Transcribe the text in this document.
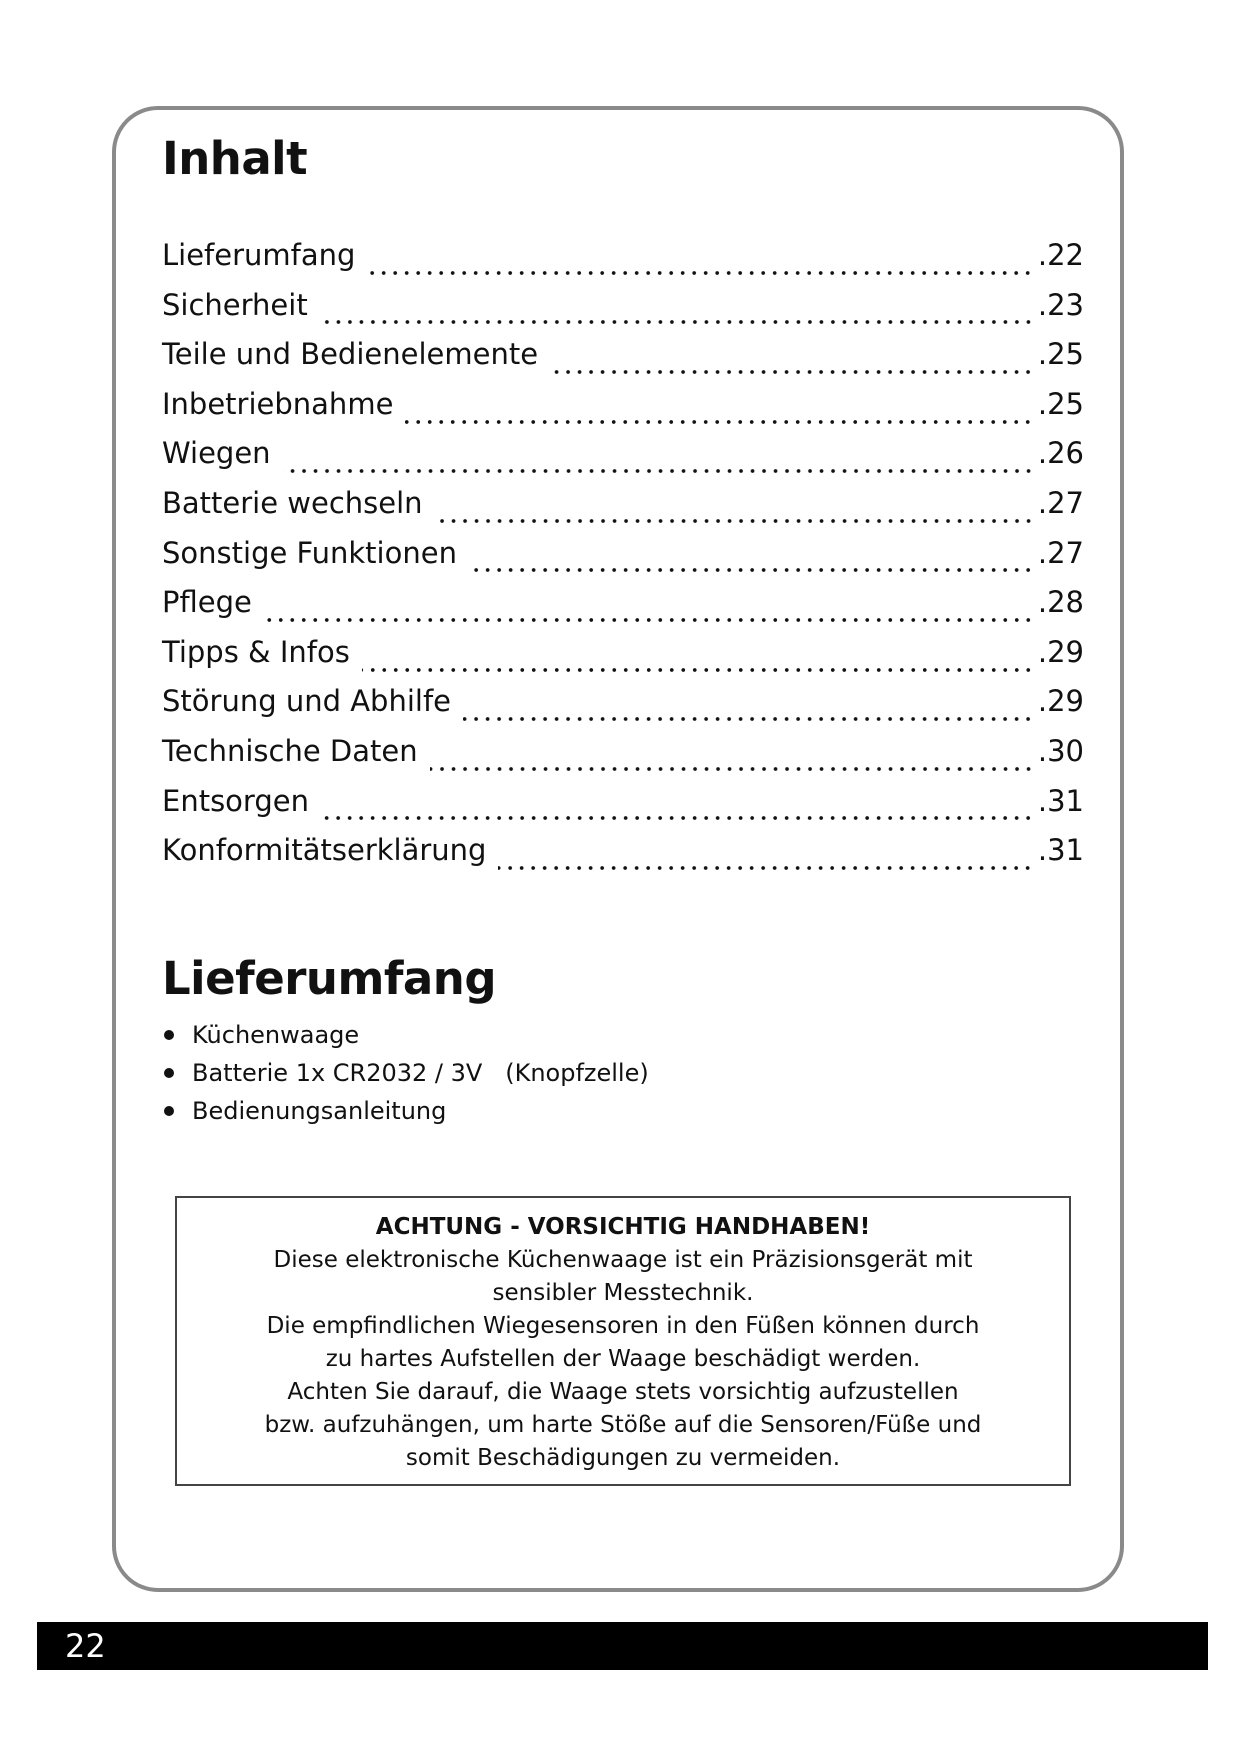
Inhalt
Lieferumfang	.22
Sicherheit	.23
Teile und Bedienelemente	.25
Inbetriebnahme	.25
Wiegen	.26
Batterie wechseln	.27
Sonstige Funktionen	.27
Pflege	.28
Tipps & Infos	.29
Störung und Abhilfe	.29
Technische Daten	.30
Entsorgen	.31
Konformitätserklärung	.31
Lieferumfang
Küchenwaage
Batterie 1x CR2032 / 3V   (Knopfzelle)
Bedienungsanleitung
ACHTUNG - VORSICHTIG HANDHABEN!
Diese elektronische Küchenwaage ist ein Präzisionsgerät mit
sensibler Messtechnik.
Die empfindlichen Wiegesensoren in den Füßen können durch
zu hartes Aufstellen der Waage beschädigt werden.
Achten Sie darauf, die Waage stets vorsichtig aufzustellen
bzw. aufzuhängen, um harte Stöße auf die Sensoren/Füße und
somit Beschädigungen zu vermeiden.
22
